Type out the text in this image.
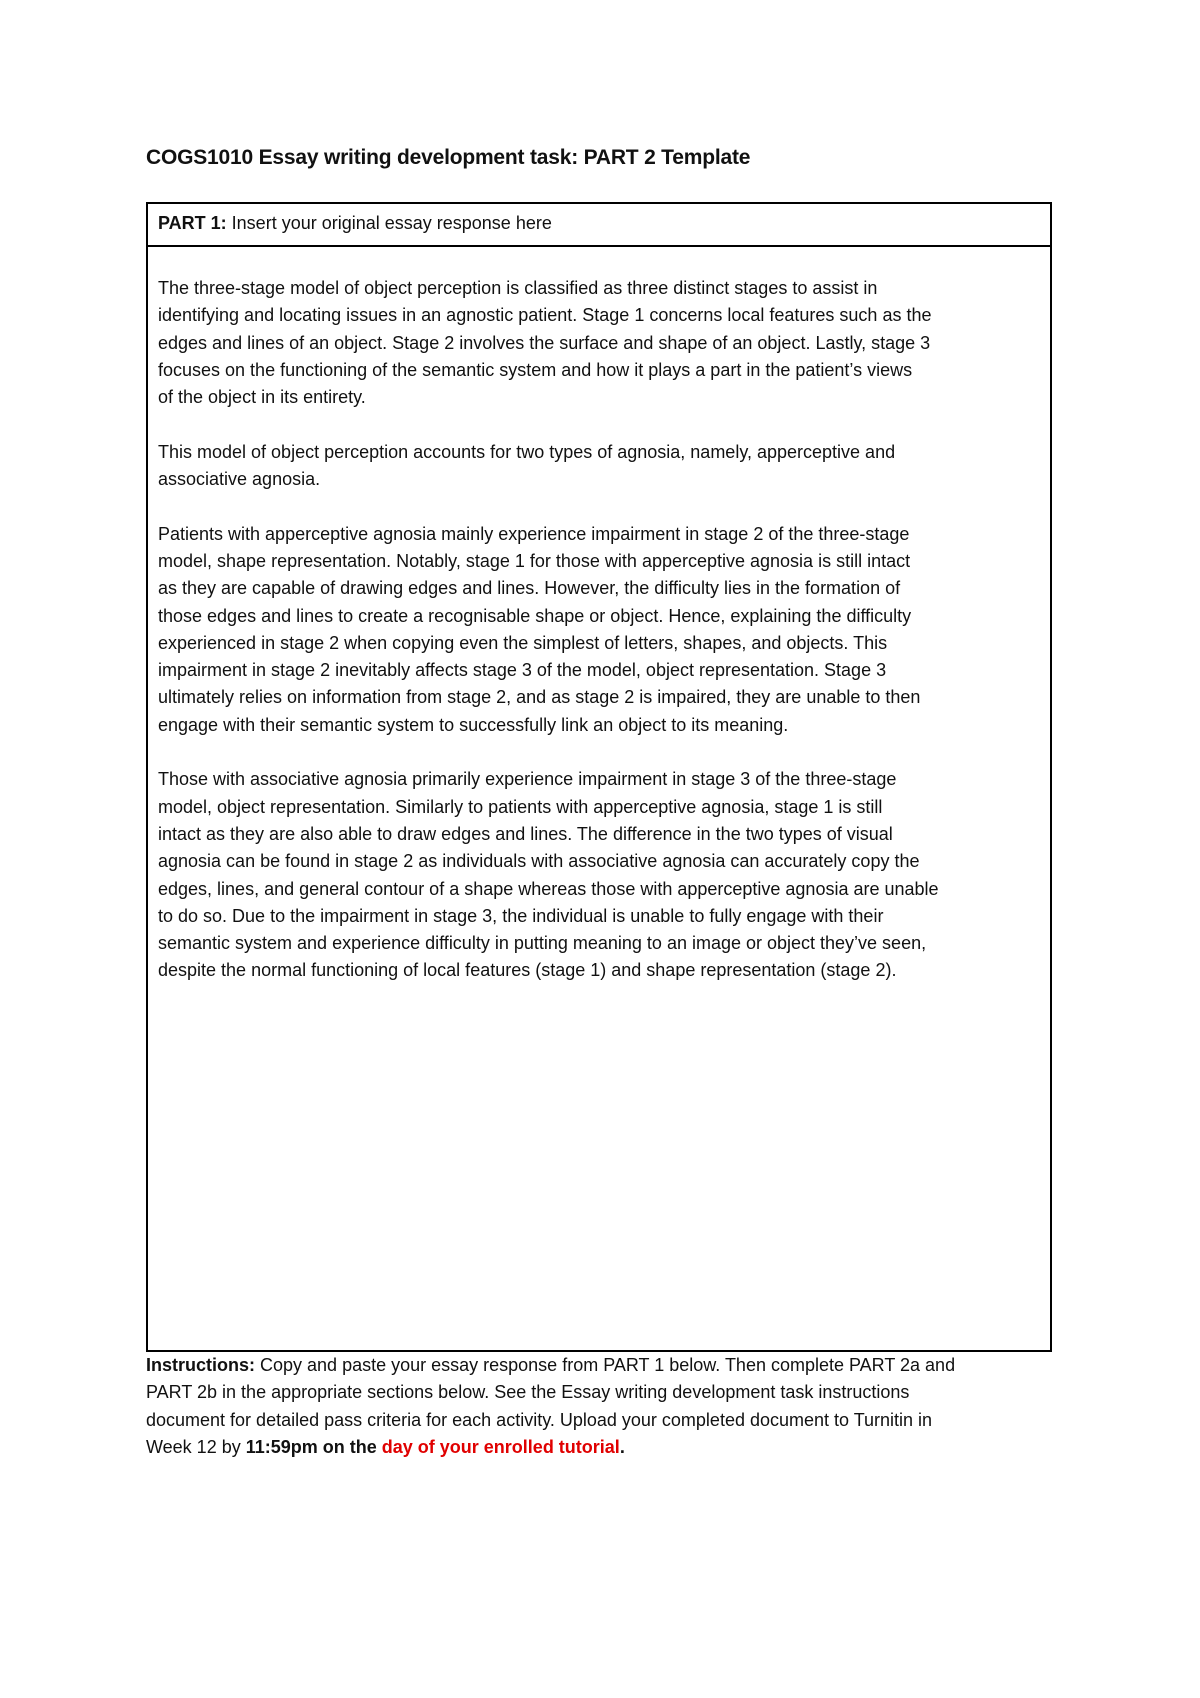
COGS1010 Essay writing development task: PART 2 Template
PART 1: Insert your original essay response here
The three-stage model of object perception is classified as three distinct stages to assist in
identifying and locating issues in an agnostic patient. Stage 1 concerns local features such as the
edges and lines of an object. Stage 2 involves the surface and shape of an object. Lastly, stage 3
focuses on the functioning of the semantic system and how it plays a part in the patient’s views
of the object in its entirety.
This model of object perception accounts for two types of agnosia, namely, apperceptive and
associative agnosia.
Patients with apperceptive agnosia mainly experience impairment in stage 2 of the three-stage
model, shape representation. Notably, stage 1 for those with apperceptive agnosia is still intact
as they are capable of drawing edges and lines. However, the difficulty lies in the formation of
those edges and lines to create a recognisable shape or object. Hence, explaining the difficulty
experienced in stage 2 when copying even the simplest of letters, shapes, and objects. This
impairment in stage 2 inevitably affects stage 3 of the model, object representation. Stage 3
ultimately relies on information from stage 2, and as stage 2 is impaired, they are unable to then
engage with their semantic system to successfully link an object to its meaning.
Those with associative agnosia primarily experience impairment in stage 3 of the three-stage
model, object representation. Similarly to patients with apperceptive agnosia, stage 1 is still
intact as they are also able to draw edges and lines. The difference in the two types of visual
agnosia can be found in stage 2 as individuals with associative agnosia can accurately copy the
edges, lines, and general contour of a shape whereas those with apperceptive agnosia are unable
to do so. Due to the impairment in stage 3, the individual is unable to fully engage with their
semantic system and experience difficulty in putting meaning to an image or object they’ve seen,
despite the normal functioning of local features (stage 1) and shape representation (stage 2).
Instructions: Copy and paste your essay response from PART 1 below. Then complete PART 2a and
PART 2b in the appropriate sections below. See the Essay writing development task instructions
document for detailed pass criteria for each activity. Upload your completed document to Turnitin in
Week 12 by 11:59pm on the day of your enrolled tutorial.
